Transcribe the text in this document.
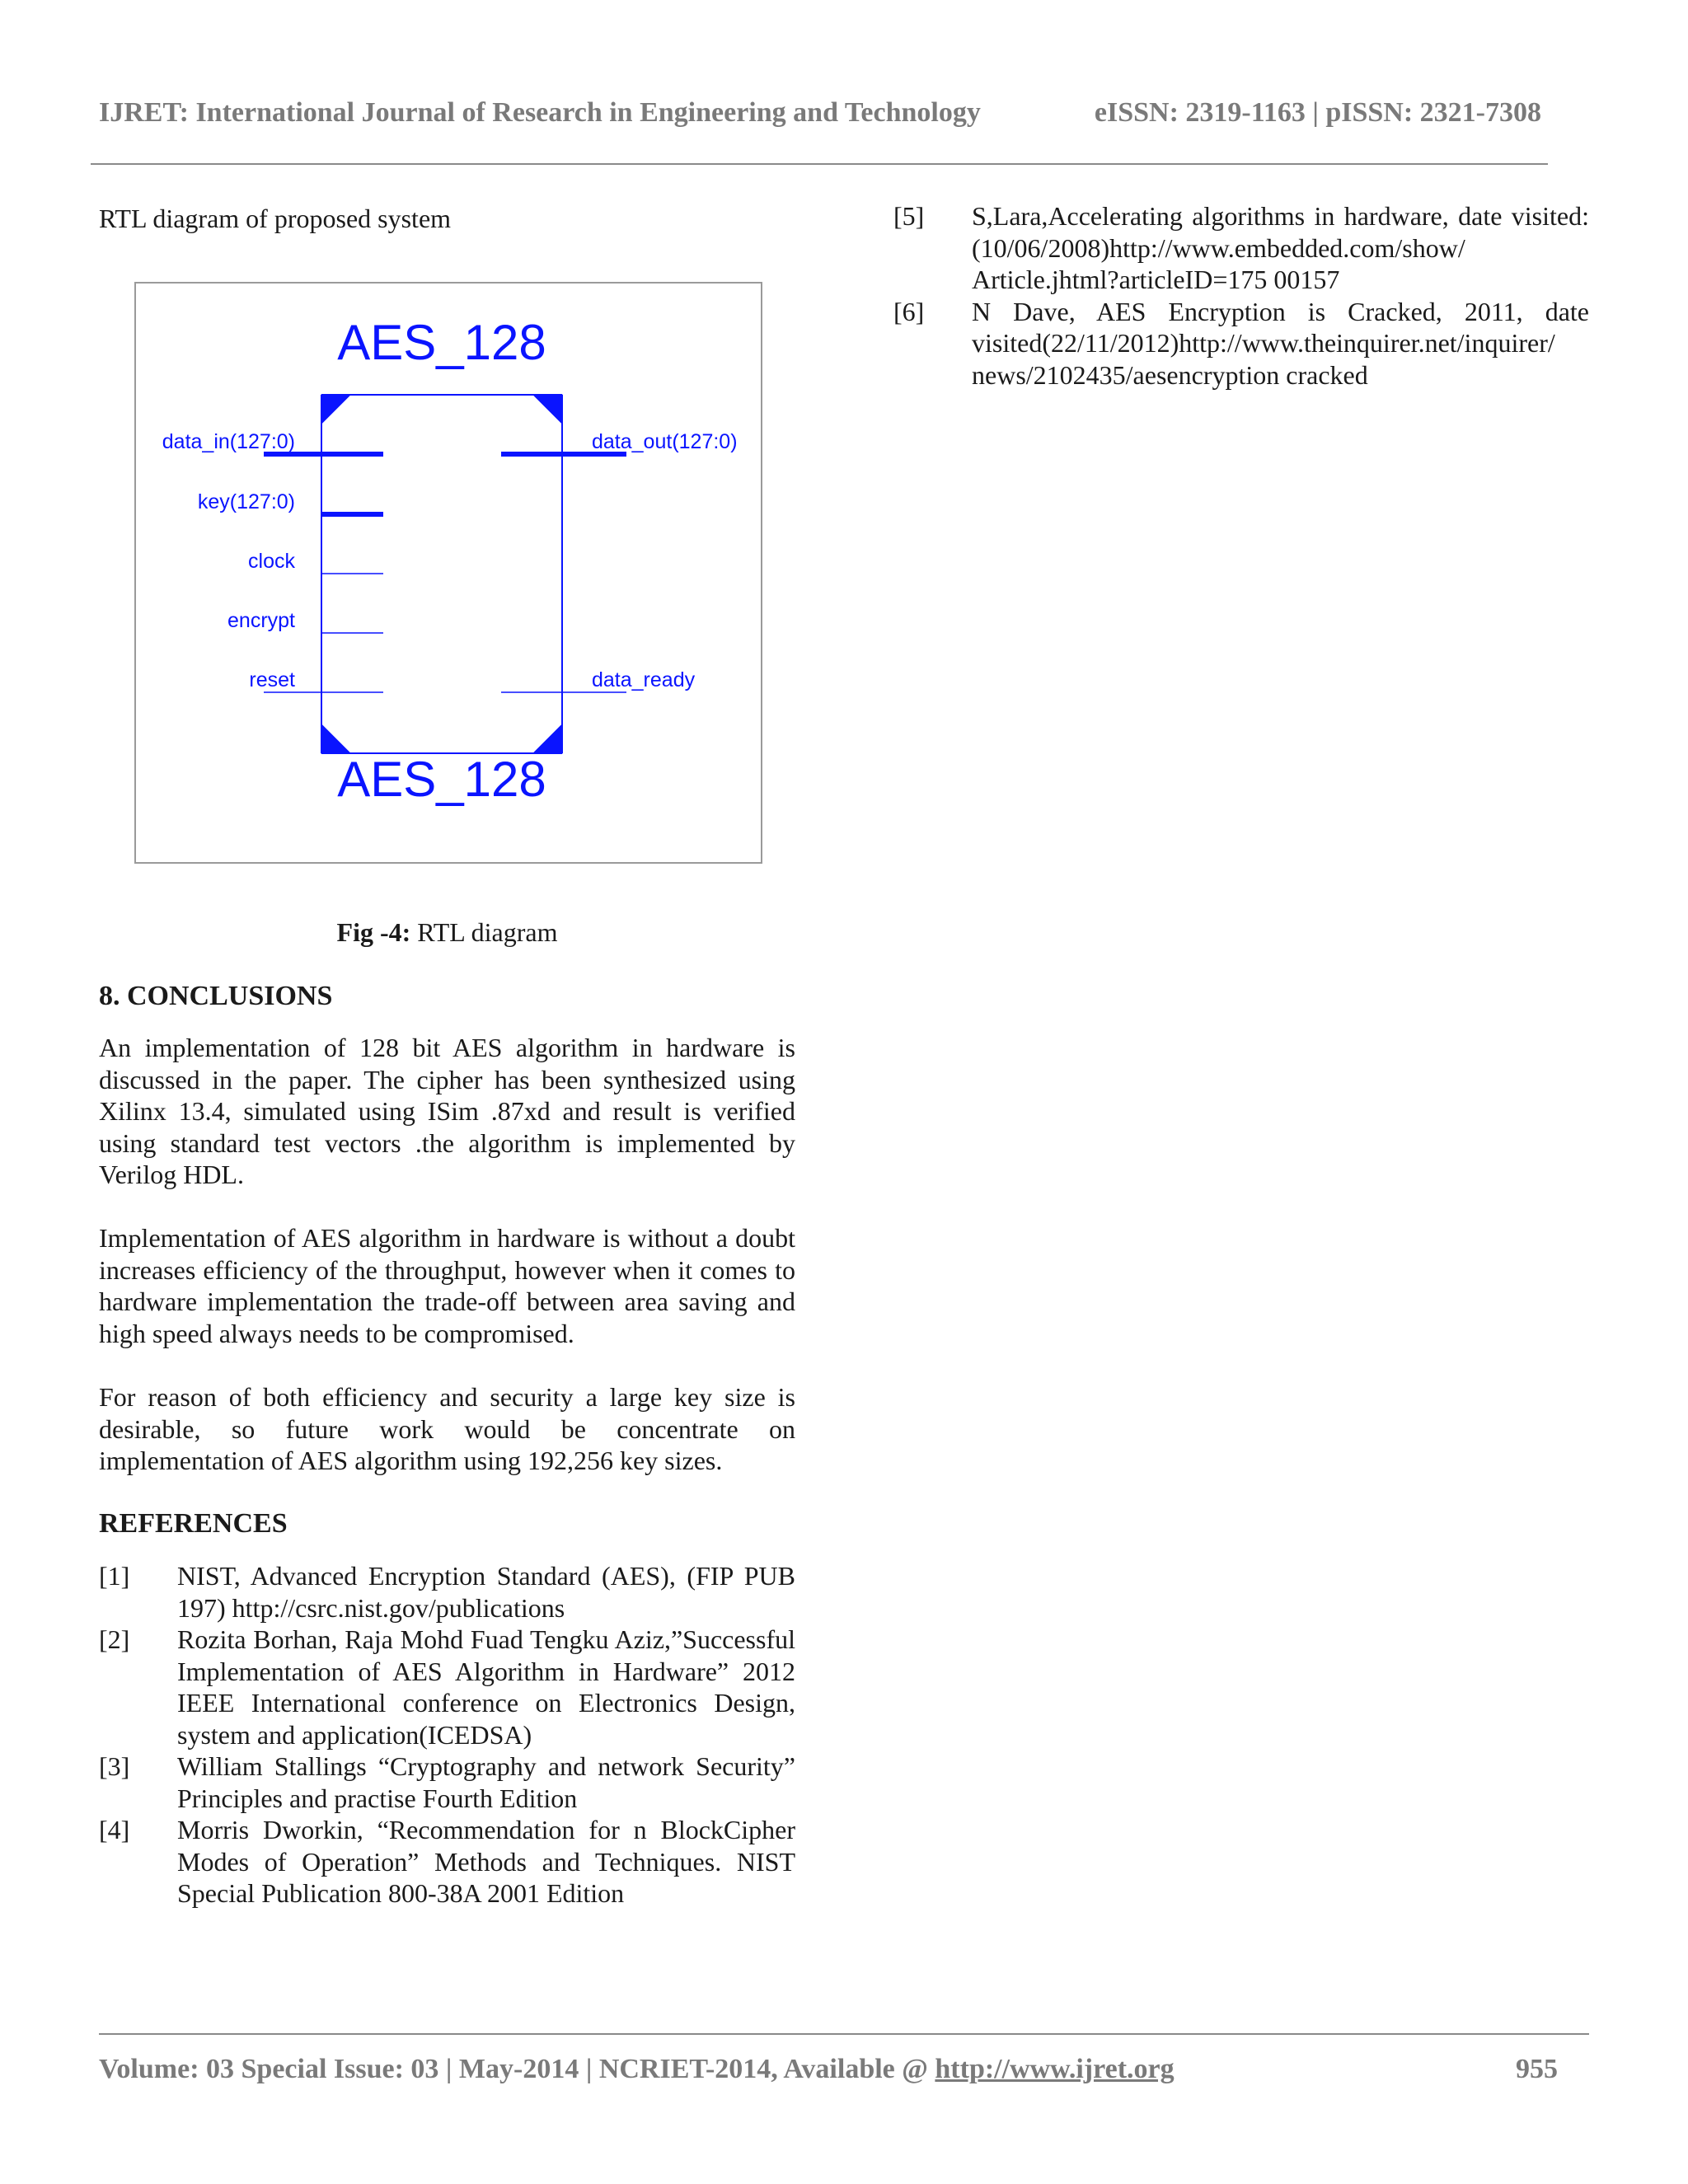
IJRET: International Journal of Research in Engineering and Technology	eISSN: 2319-1163 | pISSN: 2321-7308

RTL diagram of proposed system

AES_128
AES_128
data_in(127:0)
key(127:0)
clock
encrypt
reset
data_out(127:0)
data_ready
Fig -4: RTL diagram
8. CONCLUSIONS

An implementation of 128 bit AES algorithm in hardware is discussed in the paper. The cipher has been synthesized using Xilinx 13.4, simulated using ISim .87xd and result is verified using standard test vectors .the algorithm is implemented by Verilog HDL.

Implementation of AES algorithm in hardware is without a doubt increases efficiency of the throughput, however when it comes to hardware implementation the trade-off between area saving and high speed always needs to be compromised.

For reason of both efficiency and security a large key size is desirable, so future work would be concentrate on implementation of AES algorithm using 192,256 key sizes.

REFERENCES
[1]	NIST, Advanced Encryption Standard (AES), (FIP PUB 197) http://csrc.nist.gov/publications
[2]	Rozita Borhan, Raja Mohd Fuad Tengku Aziz,”Successful Implementation of AES Algorithm in Hardware” 2012 IEEE International conference on Electronics Design, system and application(ICEDSA)
[3]	William Stallings “Cryptography and network Security” Principles and practise Fourth Edition
[4]	Morris Dworkin, “Recommendation for n BlockCipher Modes of Operation” Methods and Techniques. NIST Special Publication 800-38A 2001 Edition
[5]	S,Lara,Accelerating algorithms in hardware, date visited:(10/06/2008)http://www.embedded.com/show/ Article.jhtml?articleID=175 00157
[6]	N Dave, AES Encryption is Cracked, 2011, date visited(22/11/2012)http://www.theinquirer.net/inquirer/ news/2102435/aesencryption cracked
Volume: 03 Special Issue: 03 | May-2014 | NCRIET-2014, Available @ http://www.ijret.org	955
